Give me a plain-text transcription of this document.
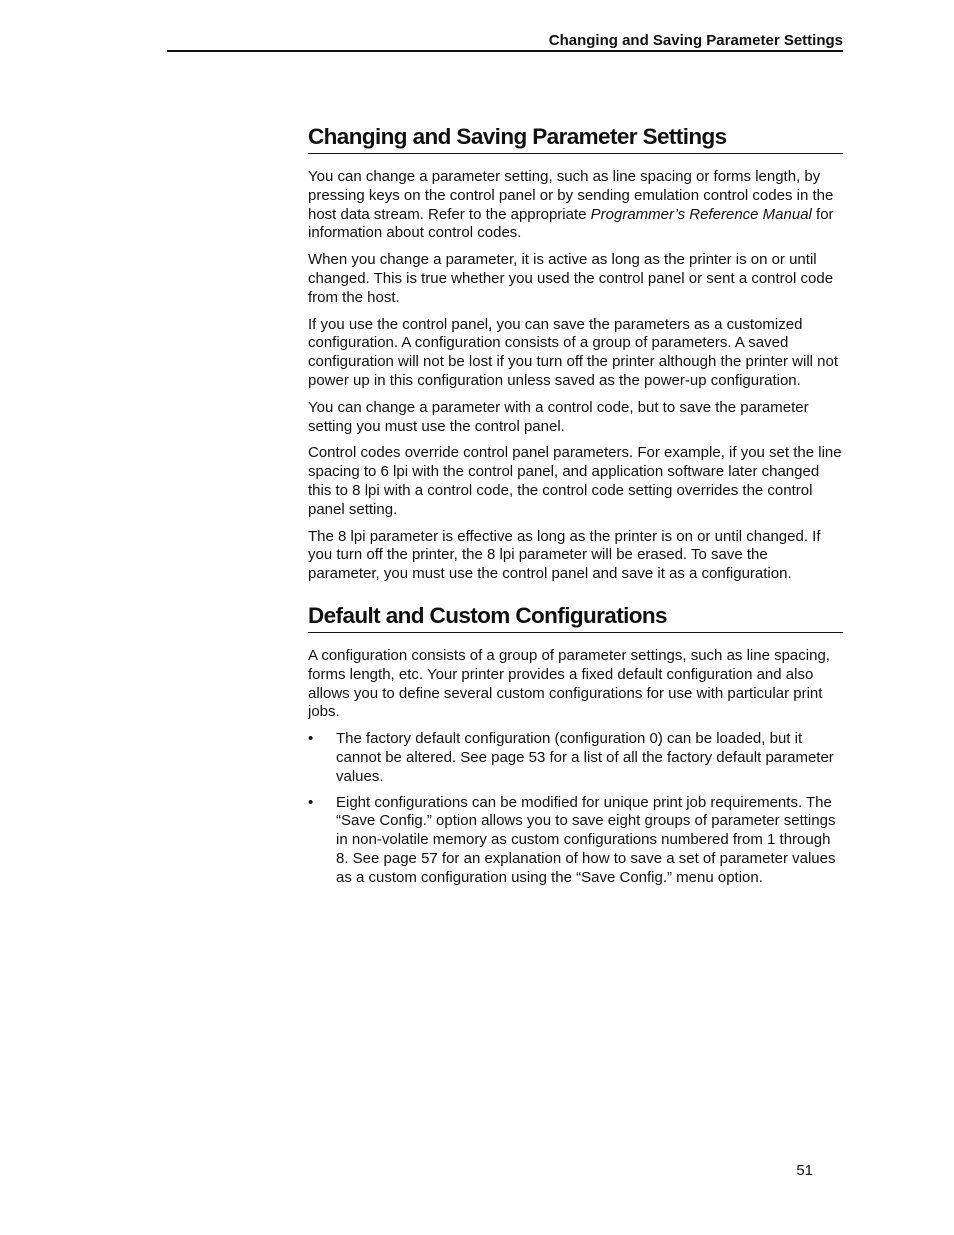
Changing and Saving Parameter Settings
Changing and Saving Parameter Settings

You can change a parameter setting, such as line spacing or forms length, by pressing keys on the control panel or by sending emulation control codes in the host data stream. Refer to the appropriate Programmer’s Reference Manual for information about control codes.

When you change a parameter, it is active as long as the printer is on or until changed. This is true whether you used the control panel or sent a control code from the host.

If you use the control panel, you can save the parameters as a customized configuration. A configuration consists of a group of parameters. A saved configuration will not be lost if you turn off the printer although the printer will not power up in this configuration unless saved as the power-up configuration.

You can change a parameter with a control code, but to save the parameter setting you must use the control panel.

Control codes override control panel parameters. For example, if you set the line spacing to 6 lpi with the control panel, and application software later changed this to 8 lpi with a control code, the control code setting overrides the control panel setting.

The 8 lpi parameter is effective as long as the printer is on or until changed. If you turn off the printer, the 8 lpi parameter will be erased. To save the parameter, you must use the control panel and save it as a configuration.

Default and Custom Configurations

A configuration consists of a group of parameter settings, such as line spacing, forms length, etc. Your printer provides a fixed default configuration and also allows you to define several custom configurations for use with particular print jobs.

• The factory default configuration (configuration 0) can be loaded, but it cannot be altered. See page 53 for a list of all the factory default parameter values.
• Eight configurations can be modified for unique print job requirements. The “Save Config.” option allows you to save eight groups of parameter settings in non-volatile memory as custom configurations numbered from 1 through 8. See page 57 for an explanation of how to save a set of parameter values as a custom configuration using the “Save Config.” menu option.
51
